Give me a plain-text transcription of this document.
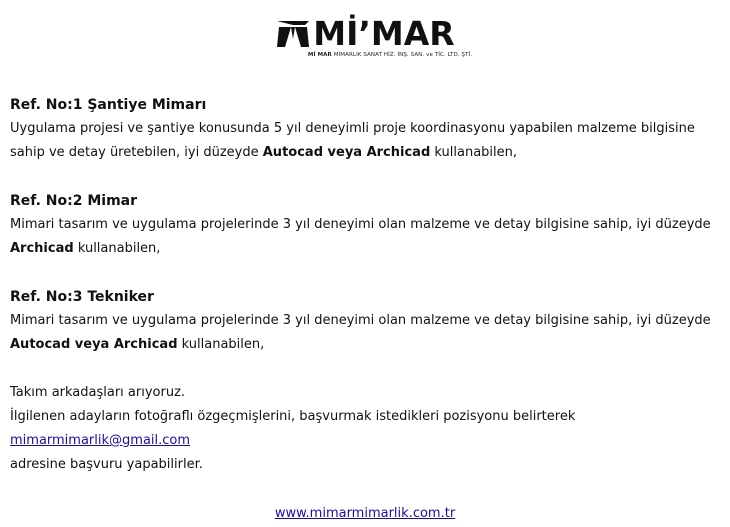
Mİ’MAR
Mİ MAR MİMARLIK SANAT HİZ. İNŞ. SAN. ve TİC. LTD. ŞTİ.
Ref. No:1 Şantiye Mimarı

Uygulama projesi ve şantiye konusunda 5 yıl deneyimli proje koordinasyonu yapabilen malzeme bilgisine sahip ve detay üretebilen, iyi düzeyde Autocad veya Archicad kullanabilen,

Ref. No:2 Mimar

Mimari tasarım ve uygulama projelerinde 3 yıl deneyimi olan malzeme ve detay bilgisine sahip, iyi düzeyde Archicad kullanabilen,

Ref. No:3 Tekniker

Mimari tasarım ve uygulama projelerinde 3 yıl deneyimi olan malzeme ve detay bilgisine sahip, iyi düzeyde Autocad veya Archicad kullanabilen,

Takım arkadaşları arıyoruz.

İlgilenen adayların fotoğraflı özgeçmişlerini, başvurmak istedikleri pozisyonu belirterek mimarmimarlik@gmail.com

adresine başvuru yapabilirler.

www.mimarmimarlik.com.tr
